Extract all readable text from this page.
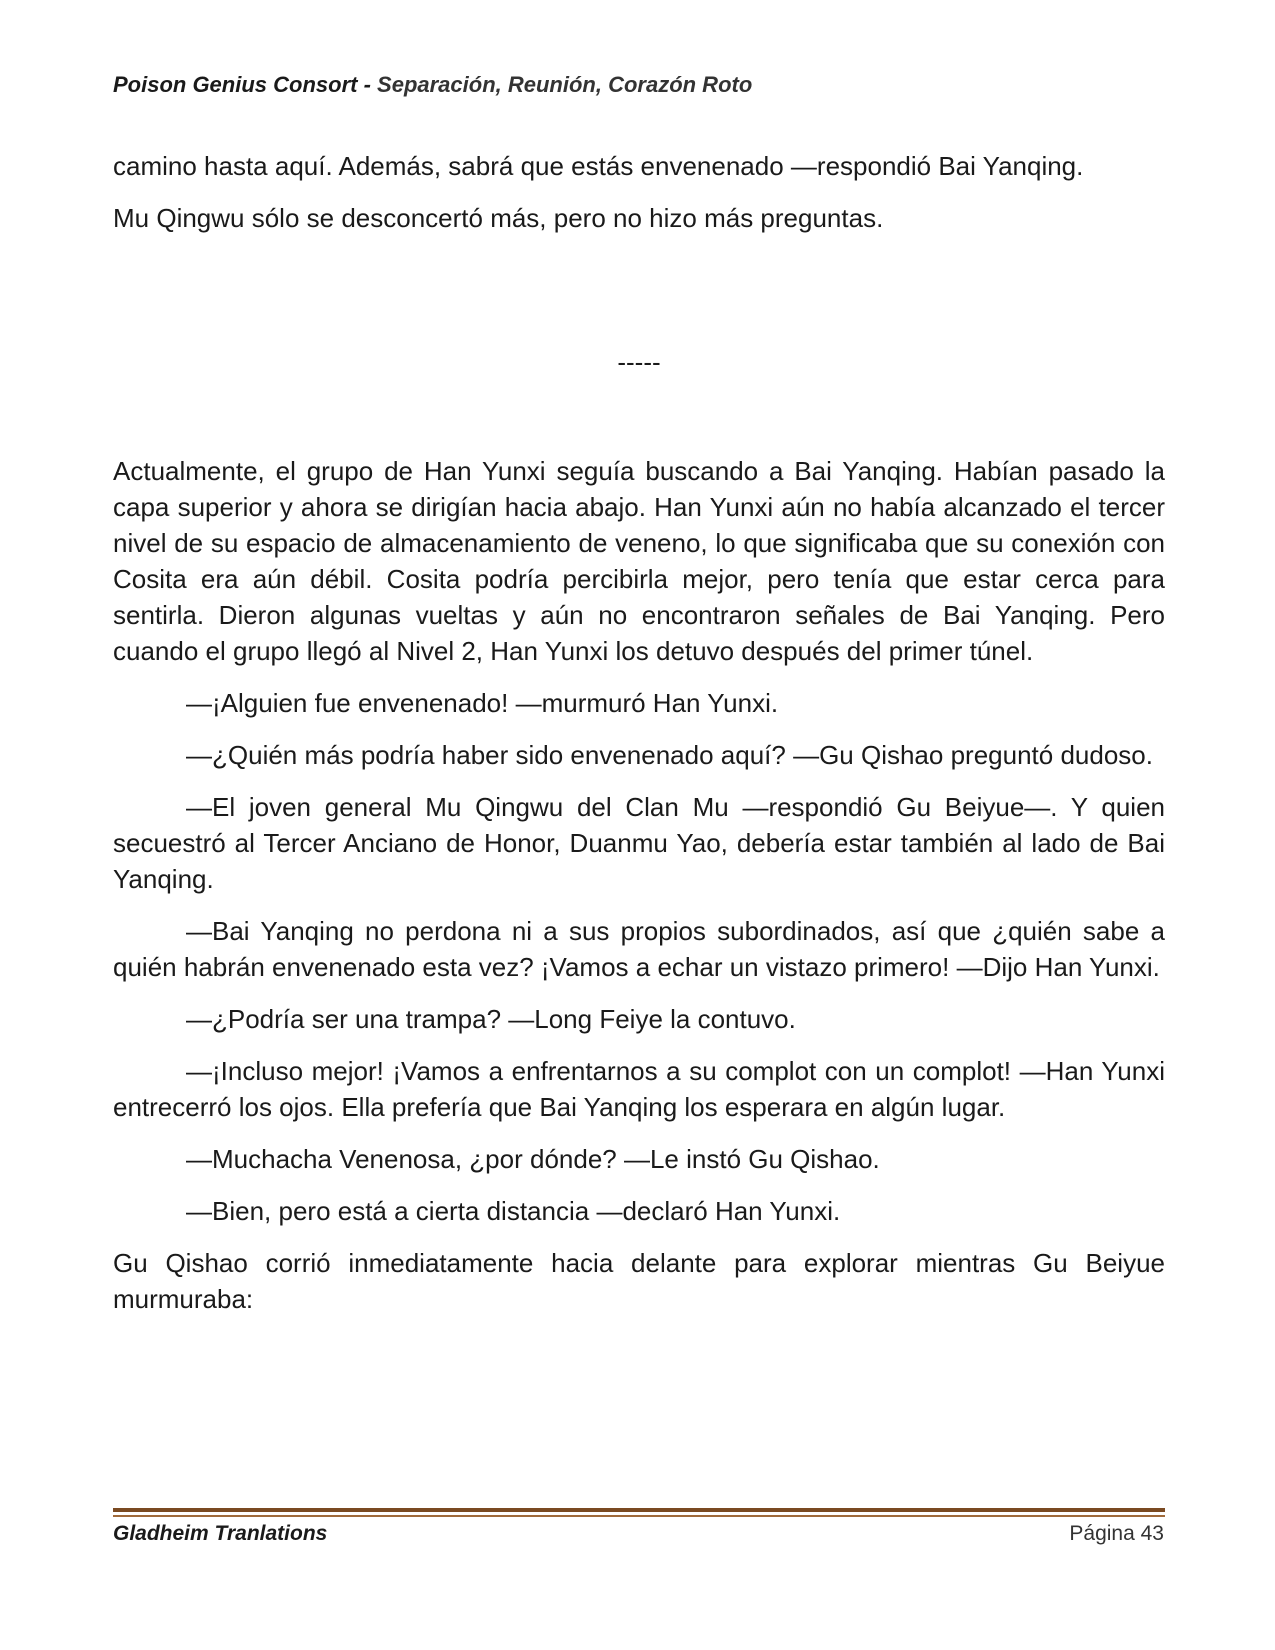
Poison Genius Consort - Separación, Reunión, Corazón Roto

camino hasta aquí. Además, sabrá que estás envenenado —respondió Bai Yanqing.

Mu Qingwu sólo se desconcertó más, pero no hizo más preguntas.

-----

Actualmente, el grupo de Han Yunxi seguía buscando a Bai Yanqing. Habían pasado la capa superior y ahora se dirigían hacia abajo. Han Yunxi aún no había alcanzado el tercer nivel de su espacio de almacenamiento de veneno, lo que significaba que su conexión con Cosita era aún débil. Cosita podría percibirla mejor, pero tenía que estar cerca para sentirla. Dieron algunas vueltas y aún no encontraron señales de Bai Yanqing. Pero cuando el grupo llegó al Nivel 2, Han Yunxi los detuvo después del primer túnel.

—¡Alguien fue envenenado! —murmuró Han Yunxi.

—¿Quién más podría haber sido envenenado aquí? —Gu Qishao preguntó dudoso.

—El joven general Mu Qingwu del Clan Mu —respondió Gu Beiyue—. Y quien secuestró al Tercer Anciano de Honor, Duanmu Yao, debería estar también al lado de Bai Yanqing.

—Bai Yanqing no perdona ni a sus propios subordinados, así que ¿quién sabe a quién habrán envenenado esta vez? ¡Vamos a echar un vistazo primero! —Dijo Han Yunxi.

—¿Podría ser una trampa? —Long Feiye la contuvo.

—¡Incluso mejor! ¡Vamos a enfrentarnos a su complot con un complot! —Han Yunxi entrecerró los ojos. Ella prefería que Bai Yanqing los esperara en algún lugar.

—Muchacha Venenosa, ¿por dónde? —Le instó Gu Qishao.

—Bien, pero está a cierta distancia —declaró Han Yunxi.

Gu Qishao corrió inmediatamente hacia delante para explorar mientras Gu Beiyue murmuraba:

Gladheim Tranlations	Página 43
